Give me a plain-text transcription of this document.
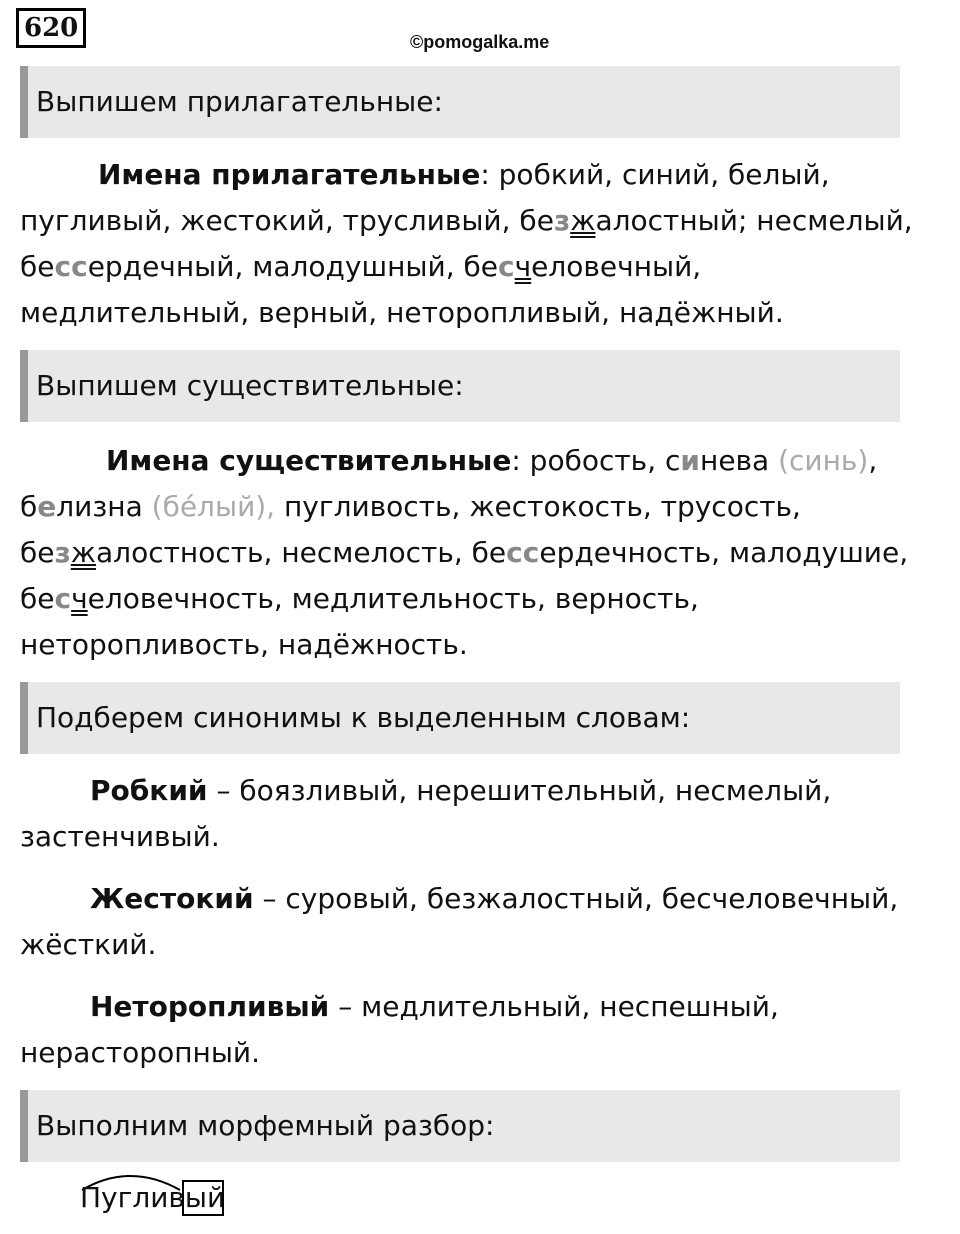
620	©pomogalka.me
Выпишем прилагательные:

Имена прилагательные: робкий, синий, белый,
пугливый, жестокий, трусливый, безжалостный; несмелый,
бессердечный, малодушный, бесчеловечный,
медлительный, верный, неторопливый, надёжный.

Выпишем существительные:

Имена существительные: робость, синева (синь),
белизна (бéлый), пугливость, жестокость, трусость,
безжалостность, несмелость, бессердечность, малодушие,
бесчеловечность, медлительность, верность,
неторопливость, надёжность.

Подберем синонимы к выделенным словам:

Робкий – боязливый, нерешительный, несмелый,
застенчивый.

Жестокий – суровый, безжалостный, бесчеловечный,
жёсткий.

Неторопливый – медлительный, неспешный,
нерасторопный.

Выполним морфемный разбор:
Пугливый
